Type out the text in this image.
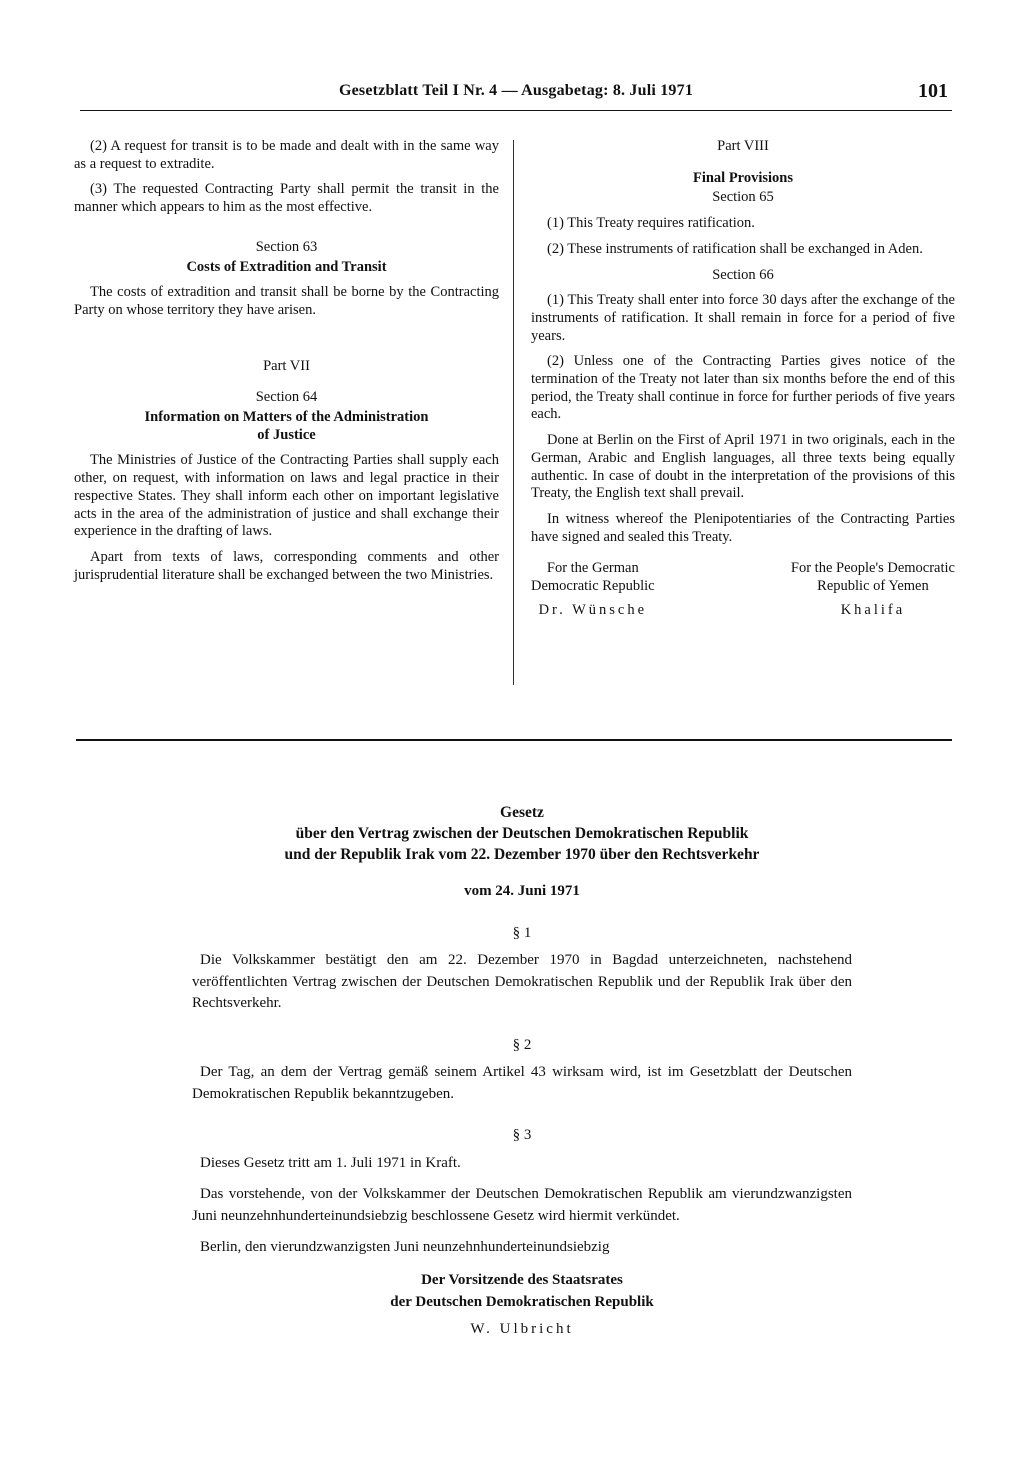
Gesetzblatt Teil I Nr. 4 — Ausgabetag: 8. Juli 1971	101

(2) A request for transit is to be made and dealt with in the same way as a request to extradite.

(3) The requested Contracting Party shall permit the transit in the manner which appears to him as the most effective.

Section 63

Costs of Extradition and Transit

The costs of extradition and transit shall be borne by the Contracting Party on whose territory they have arisen.

Part VII

Section 64

Information on Matters of the Administration

of Justice

The Ministries of Justice of the Contracting Parties shall supply each other, on request, with information on laws and legal practice in their respective States. They shall inform each other on important legislative acts in the area of the administration of justice and shall exchange their experience in the drafting of laws.

Apart from texts of laws, corresponding comments and other jurisprudential literature shall be exchanged between the two Ministries.

Part VIII

Final Provisions

Section 65

(1) This Treaty requires ratification.

(2) These instruments of ratification shall be exchanged in Aden.

Section 66

(1) This Treaty shall enter into force 30 days after the exchange of the instruments of ratification. It shall remain in force for a period of five years.

(2) Unless one of the Contracting Parties gives notice of the termination of the Treaty not later than six months before the end of this period, the Treaty shall continue in force for further periods of five years each.

Done at Berlin on the First of April 1971 in two originals, each in the German, Arabic and English languages, all three texts being equally authentic. In case of doubt in the interpretation of the provisions of this Treaty, the English text shall prevail.

In witness whereof the Plenipotentiaries of the Contracting Parties have signed and sealed this Treaty.

For the German
Democratic Republic
Dr. Wünsche
For the People's Democratic
Republic of Yemen
Khalifa
Gesetz
über den Vertrag zwischen der Deutschen Demokratischen Republik
und der Republik Irak vom 22. Dezember 1970 über den Rechtsverkehr
vom 24. Juni 1971
§ 1

Die Volkskammer bestätigt den am 22. Dezember 1970 in Bagdad unterzeichneten, nachstehend veröffentlichten Vertrag zwischen der Deutschen Demokratischen Republik und der Republik Irak über den Rechtsverkehr.

§ 2

Der Tag, an dem der Vertrag gemäß seinem Artikel 43 wirksam wird, ist im Gesetzblatt der Deutschen Demokratischen Republik bekanntzugeben.

§ 3

Dieses Gesetz tritt am 1. Juli 1971 in Kraft.

Das vorstehende, von der Volkskammer der Deutschen Demokratischen Republik am vierundzwanzigsten Juni neunzehnhunderteinundsiebzig beschlossene Gesetz wird hiermit verkündet.

Berlin, den vierundzwanzigsten Juni neunzehnhunderteinundsiebzig

Der Vorsitzende des Staatsrates
der Deutschen Demokratischen Republik
W. Ulbricht
